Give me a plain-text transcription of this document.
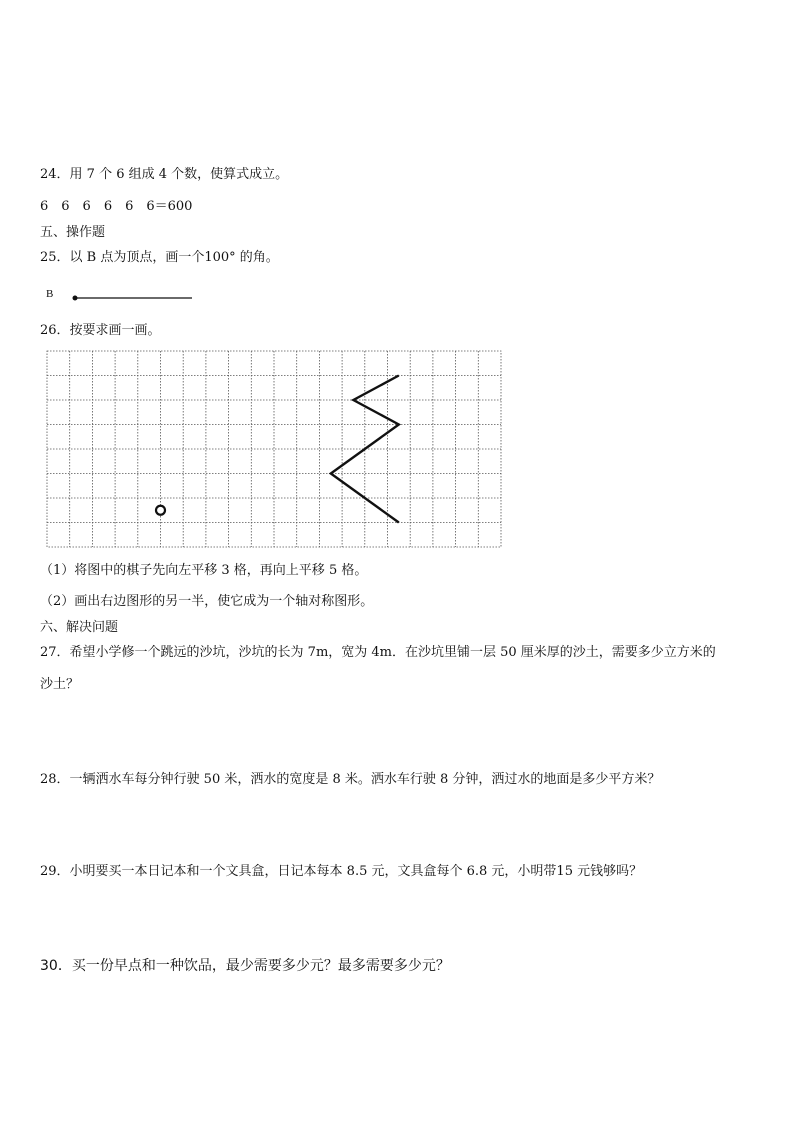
24．用 7 个 6 组成 4 个数，使算式成立。
6　6　6　6　6　6＝600
五、操作题
25．以 B 点为顶点，画一个100° 的角。
B
26．按要求画一画。
（1）将图中的棋子先向左平移 3 格，再向上平移 5 格。
（2）画出右边图形的另一半，使它成为一个轴对称图形。
六、解决问题
27．希望小学修一个跳远的沙坑，沙坑的长为 7m，宽为 4m．在沙坑里铺一层 50 厘米厚的沙土，需要多少立方米的
沙土？
28．一辆洒水车每分钟行驶 50 米，洒水的宽度是 8 米。洒水车行驶 8 分钟，洒过水的地面是多少平方米？
29．小明要买一本日记本和一个文具盒，日记本每本 8.5 元，文具盒每个 6.8 元，小明带15 元钱够吗？
30．买一份早点和一种饮品，最少需要多少元？最多需要多少元？
